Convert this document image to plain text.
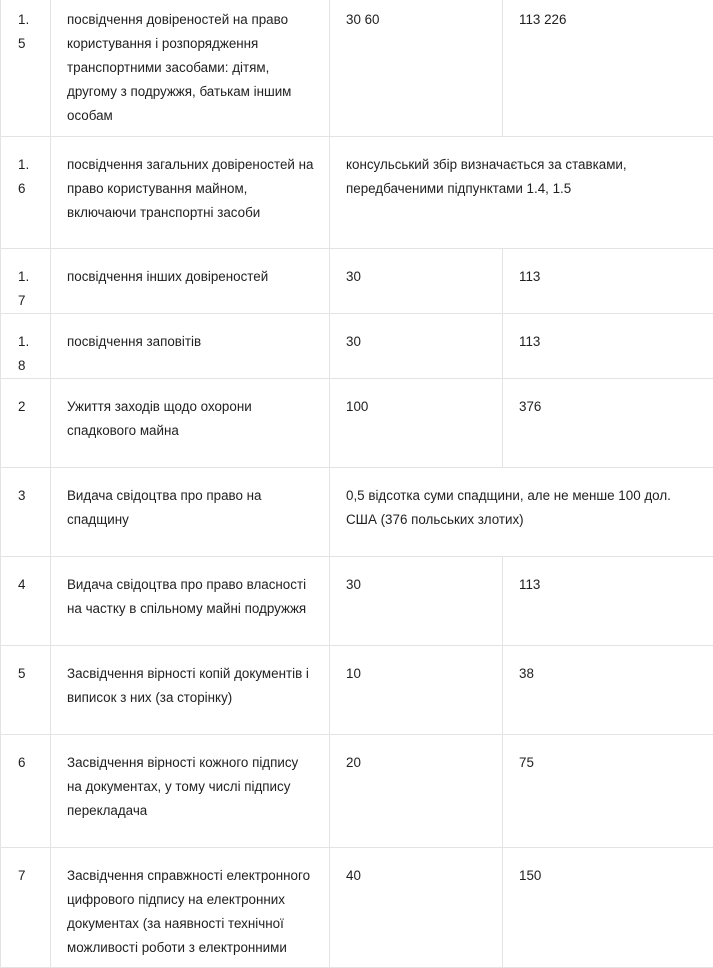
1.5	посвідчення довіреностей на право користування і розпорядження транспортними засобами: дітям, другому з подружжя, батькам іншим особам	30 60	113 226
1.6	посвідчення загальних довіреностей на право користування майном, включаючи транспортні засоби	консульський збір визначається за ставками, передбаченими підпунктами 1.4, 1.5	
1.7	посвідчення інших довіреностей	30	113
1.8	посвідчення заповітів	30	113
2	Ужиття заходів щодо охорони спадкового майна	100	376
3	Видача свідоцтва про право на спадщину	0,5 відсотка суми спадщини, але не менше 100 дол. США (376 польських злотих)	
4	Видача свідоцтва про право власності на частку в спільному майні подружжя	30	113
5	Засвідчення вірності копій документів і виписок з них (за сторінку)	10	38
6	Засвідчення вірності кожного підпису на документах, у тому числі підпису перекладача	20	75
7	Засвідчення справжності електронного цифрового підпису на електронних документах (за наявності технічної можливості роботи з електронними	40	150
